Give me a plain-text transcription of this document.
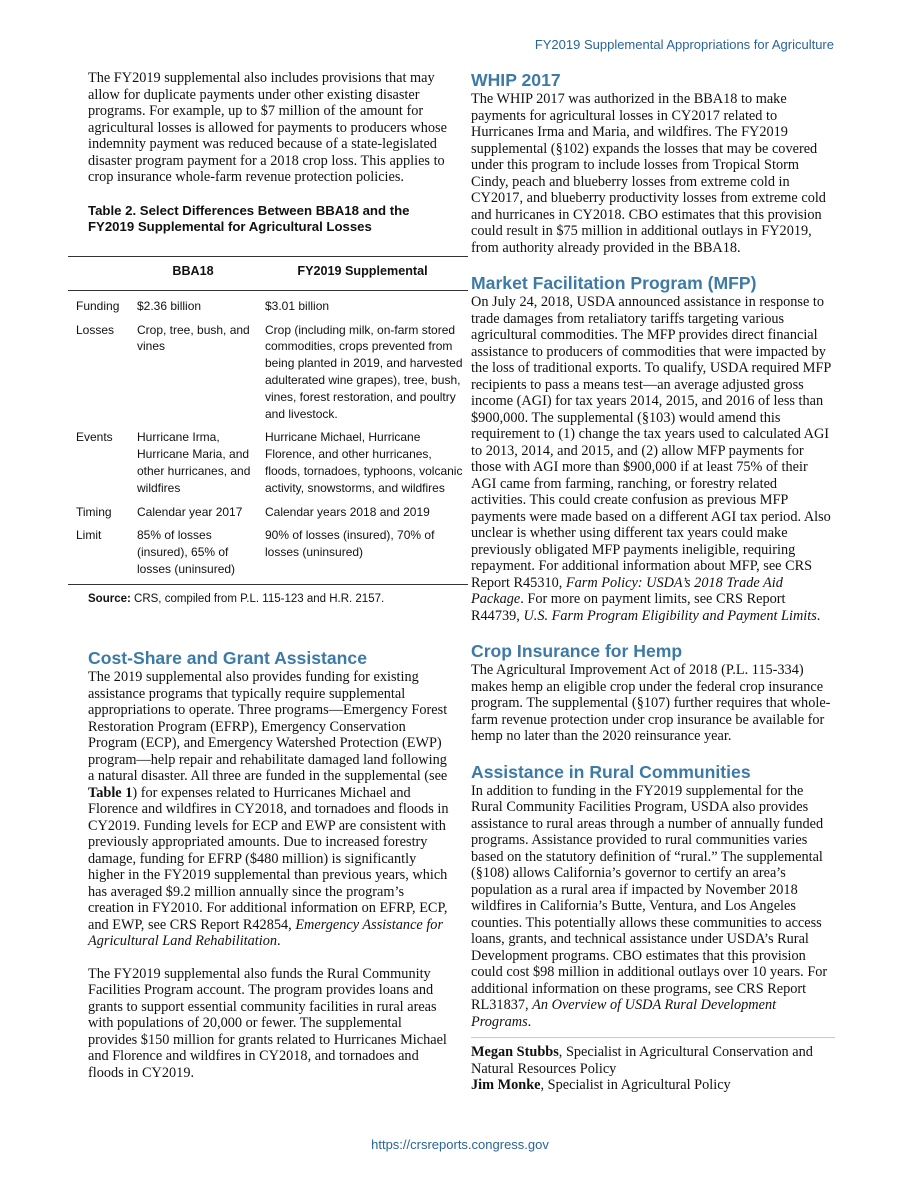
FY2019 Supplemental Appropriations for Agriculture

The FY2019 supplemental also includes provisions that may allow for duplicate payments under other existing disaster programs. For example, up to $7 million of the amount for agricultural losses is allowed for payments to producers whose indemnity payment was reduced because of a state-legislated disaster program payment for a 2018 crop loss. This applies to crop insurance whole-farm revenue protection policies.

Table 2. Select Differences Between BBA18 and the FY2019 Supplemental for Agricultural Losses
	BBA18	FY2019 Supplemental
Funding	$2.36 billion	$3.01 billion
Losses	Crop, tree, bush, and vines	Crop (including milk, on-farm stored commodities, crops prevented from being planted in 2019, and harvested adulterated wine grapes), tree, bush, vines, forest restoration, and poultry and livestock.
Events	Hurricane Irma, Hurricane Maria, and other hurricanes, and wildfires	Hurricane Michael, Hurricane Florence, and other hurricanes, floods, tornadoes, typhoons, volcanic activity, snowstorms, and wildfires
Timing	Calendar year 2017	Calendar years 2018 and 2019
Limit	85% of losses (insured), 65% of losses (uninsured)	90% of losses (insured), 70% of losses (uninsured)
Source: CRS, compiled from P.L. 115-123 and H.R. 2157.
Cost-Share and Grant Assistance

The 2019 supplemental also provides funding for existing assistance programs that typically require supplemental appropriations to operate. Three programs—Emergency Forest Restoration Program (EFRP), Emergency Conservation Program (ECP), and Emergency Watershed Protection (EWP) program—help repair and rehabilitate damaged land following a natural disaster. All three are funded in the supplemental (see Table 1) for expenses related to Hurricanes Michael and Florence and wildfires in CY2018, and tornadoes and floods in CY2019. Funding levels for ECP and EWP are consistent with previously appropriated amounts. Due to increased forestry damage, funding for EFRP ($480 million) is significantly higher in the FY2019 supplemental than previous years, which has averaged $9.2 million annually since the program’s creation in FY2010. For additional information on EFRP, ECP, and EWP, see CRS Report R42854, Emergency Assistance for Agricultural Land Rehabilitation.

The FY2019 supplemental also funds the Rural Community Facilities Program account. The program provides loans and grants to support essential community facilities in rural areas with populations of 20,000 or fewer. The supplemental provides $150 million for grants related to Hurricanes Michael and Florence and wildfires in CY2018, and tornadoes and floods in CY2019.

WHIP 2017

The WHIP 2017 was authorized in the BBA18 to make payments for agricultural losses in CY2017 related to Hurricanes Irma and Maria, and wildfires. The FY2019 supplemental (§102) expands the losses that may be covered under this program to include losses from Tropical Storm Cindy, peach and blueberry losses from extreme cold in CY2017, and blueberry productivity losses from extreme cold and hurricanes in CY2018. CBO estimates that this provision could result in $75 million in additional outlays in FY2019, from authority already provided in the BBA18.

Market Facilitation Program (MFP)

On July 24, 2018, USDA announced assistance in response to trade damages from retaliatory tariffs targeting various agricultural commodities. The MFP provides direct financial assistance to producers of commodities that were impacted by the loss of traditional exports. To qualify, USDA required MFP recipients to pass a means test—an average adjusted gross income (AGI) for tax years 2014, 2015, and 2016 of less than $900,000. The supplemental (§103) would amend this requirement to (1) change the tax years used to calculated AGI to 2013, 2014, and 2015, and (2) allow MFP payments for those with AGI more than $900,000 if at least 75% of their AGI came from farming, ranching, or forestry related activities. This could create confusion as previous MFP payments were made based on a different AGI tax period. Also unclear is whether using different tax years could make previously obligated MFP payments ineligible, requiring repayment. For additional information about MFP, see CRS Report R45310, Farm Policy: USDA’s 2018 Trade Aid Package. For more on payment limits, see CRS Report R44739, U.S. Farm Program Eligibility and Payment Limits.

Crop Insurance for Hemp

The Agricultural Improvement Act of 2018 (P.L. 115-334) makes hemp an eligible crop under the federal crop insurance program. The supplemental (§107) further requires that whole-farm revenue protection under crop insurance be available for hemp no later than the 2020 reinsurance year.

Assistance in Rural Communities

In addition to funding in the FY2019 supplemental for the Rural Community Facilities Program, USDA also provides assistance to rural areas through a number of annually funded programs. Assistance provided to rural communities varies based on the statutory definition of “rural.” The supplemental (§108) allows California’s governor to certify an area’s population as a rural area if impacted by November 2018 wildfires in California’s Butte, Ventura, and Los Angeles counties. This potentially allows these communities to access loans, grants, and technical assistance under USDA’s Rural Development programs. CBO estimates that this provision could cost $98 million in additional outlays over 10 years. For additional information on these programs, see CRS Report RL31837, An Overview of USDA Rural Development Programs.

Megan Stubbs, Specialist in Agricultural Conservation and Natural Resources Policy

Jim Monke, Specialist in Agricultural Policy

https://crsreports.congress.gov
